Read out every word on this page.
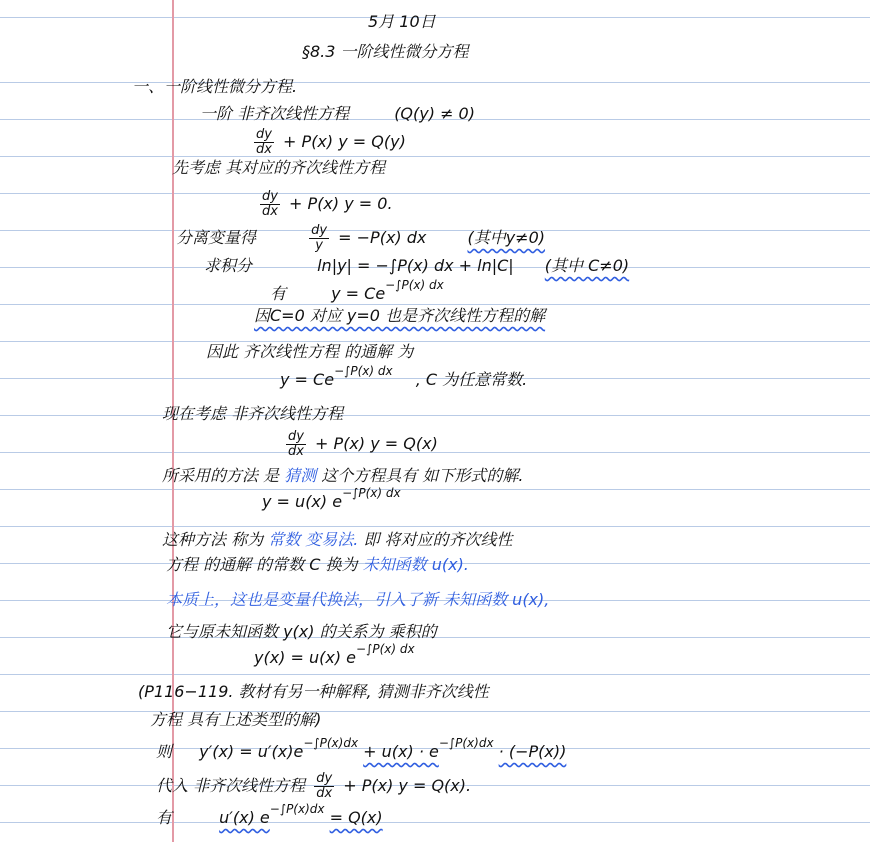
5月 10日
§8.3 一阶线性微分方程
一、一阶线性微分方程.
一阶 非齐次线性方程	(Q(y) ≠ 0)
$\frac{dy}{dx} + P(x) y = Q(y)$
先考虑 其对应的齐次线性方程
$\frac{dy}{dx} + P(x) y = 0$.
分离变量得	$\frac{dy}{y} = -P(x)$ dx	(其中y≠0)
求积分	ln|y| = −∫P(x) dx + ln|C| (其中 C≠0)
有	$y = Ce^{-\int P(x) dx}$
因C=0 对应 y=0 也是齐次线性方程的解
因此 齐次线性方程 的通解 为
$y = Ce^{-\int P(x) dx}$ , C 为任意常数.
现在考虑 非齐次线性方程
$\frac{dy}{dx} + P(x) y = Q(x)$
所采用的方法 是 猜测 这个方程具有 如下形式的解.
y = u(x) $e^{-\int P(x) dx}$
这种方法 称为 常数 变易法. 即 将对应的齐次线性
方程 的通解 的常数 C 换为 未知函数 u(x).
本质上，这也是变量代换法，引入了新 未知函数 u(x),
它与原未知函数 y(x) 的关系为 乘积的
y(x) = u(x) $e^{-\int P(x) dx}$
(P116−119. 教材有另一种解释, 猜测非齐次线性
方程 具有上述类型的解)
则 $y'(x) = u'(x)e^{-\int P(x)dx} + u(x) \cdot e^{-\int P(x)dx} \cdot (-P(x))$
代入 非齐次线性方程 $\frac{dy}{dx} + P(x) y = Q(x)$.
有	u′(x) $e^{-\int P(x)dx} = Q(x)$
